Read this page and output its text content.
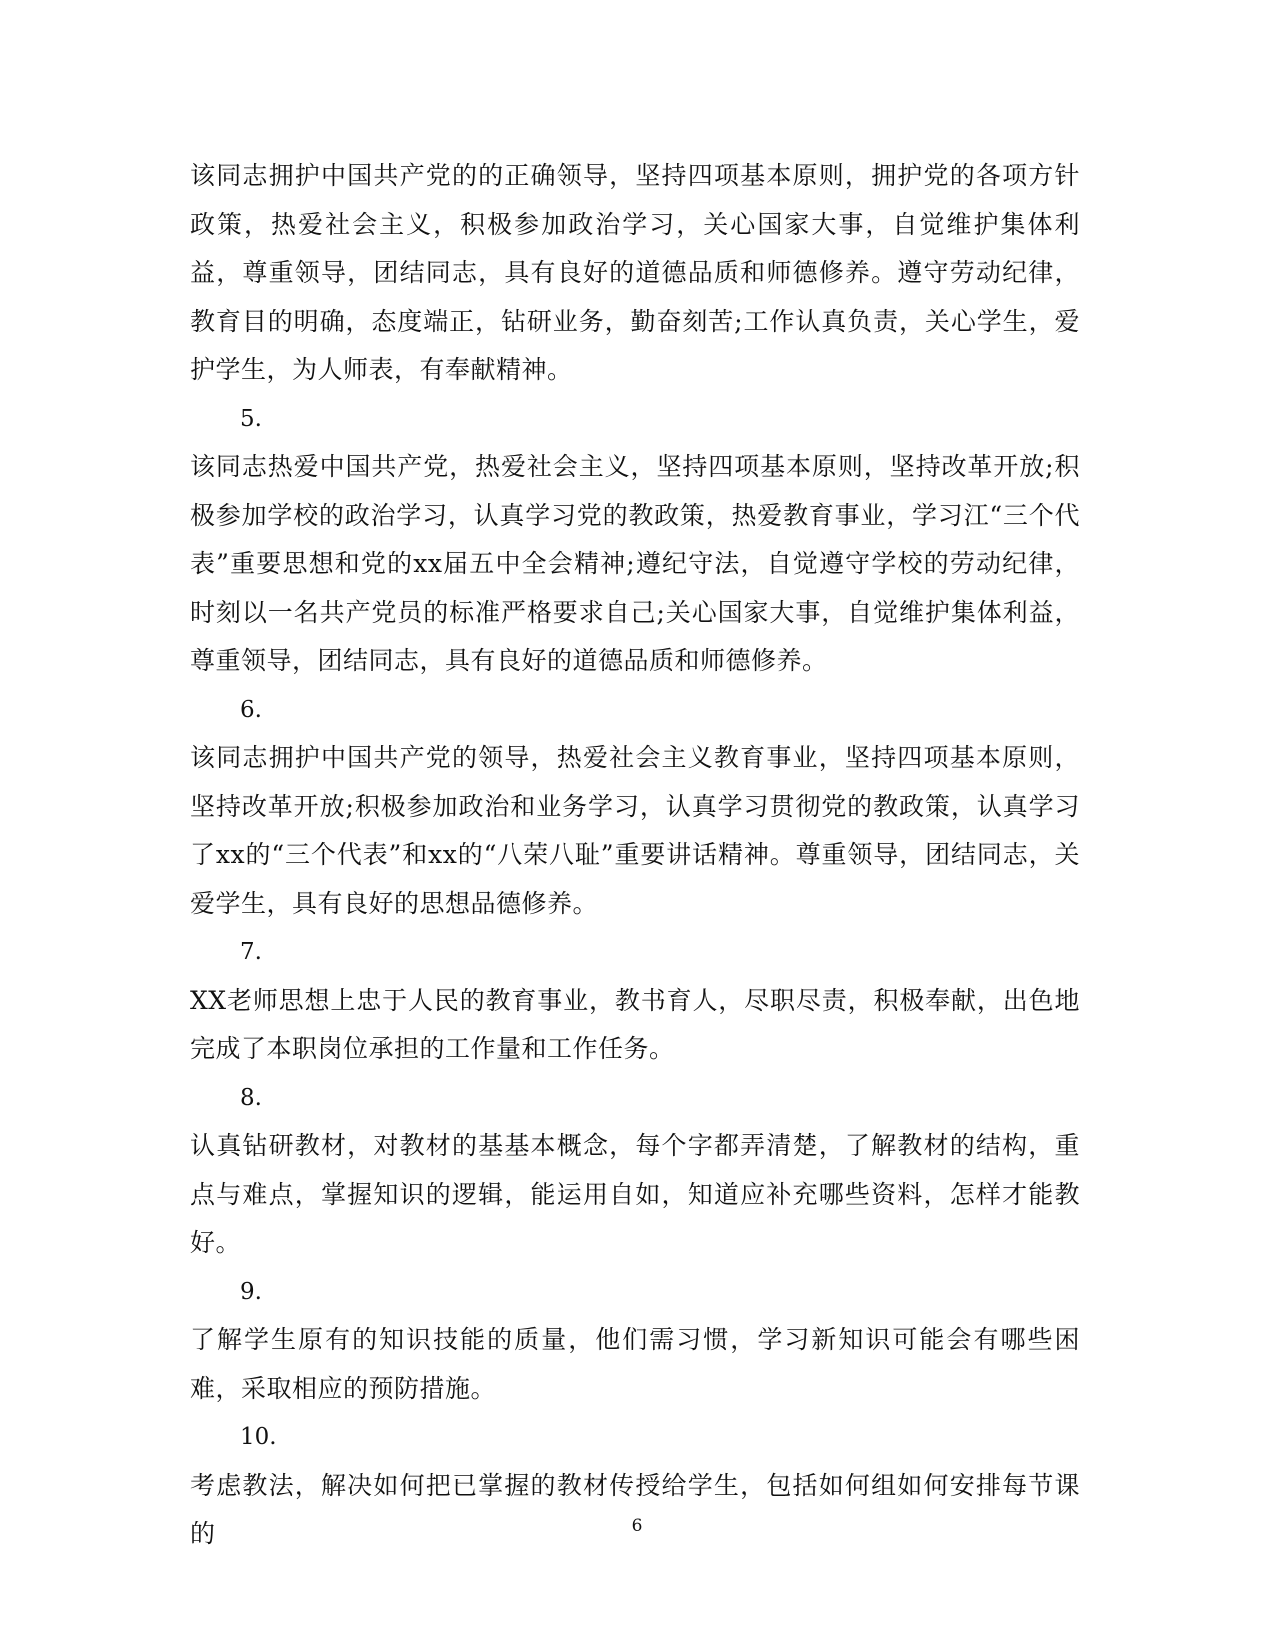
该同志拥护中国共产党的的正确领导，坚持四项基本原则，拥护党的各项方针政策，热爱社会主义，积极参加政治学习，关心国家大事，自觉维护集体利益，尊重领导，团结同志，具有良好的道德品质和师德修养。遵守劳动纪律，教育目的明确，态度端正，钻研业务，勤奋刻苦;工作认真负责，关心学生，爱护学生，为人师表，有奉献精神。

5.

该同志热爱中国共产党，热爱社会主义，坚持四项基本原则，坚持改革开放;积极参加学校的政治学习，认真学习党的教政策，热爱教育事业，学习江“三个代表”重要思想和党的xx届五中全会精神;遵纪守法，自觉遵守学校的劳动纪律，时刻以一名共产党员的标准严格要求自己;关心国家大事，自觉维护集体利益，尊重领导，团结同志，具有良好的道德品质和师德修养。

6.

该同志拥护中国共产党的领导，热爱社会主义教育事业，坚持四项基本原则，坚持改革开放;积极参加政治和业务学习，认真学习贯彻党的教政策，认真学习了xx的“三个代表”和xx的“八荣八耻”重要讲话精神。尊重领导，团结同志，关爱学生，具有良好的思想品德修养。

7.

XX老师思想上忠于人民的教育事业，教书育人，尽职尽责，积极奉献，出色地完成了本职岗位承担的工作量和工作任务。

8.

认真钻研教材，对教材的基基本概念，每个字都弄清楚，了解教材的结构，重点与难点，掌握知识的逻辑，能运用自如，知道应补充哪些资料，怎样才能教好。

9.

了解学生原有的知识技能的质量，他们需习惯，学习新知识可能会有哪些困难，采取相应的预防措施。

10.

考虑教法，解决如何把已掌握的教材传授给学生，包括如何组如何安排每节课的	6
